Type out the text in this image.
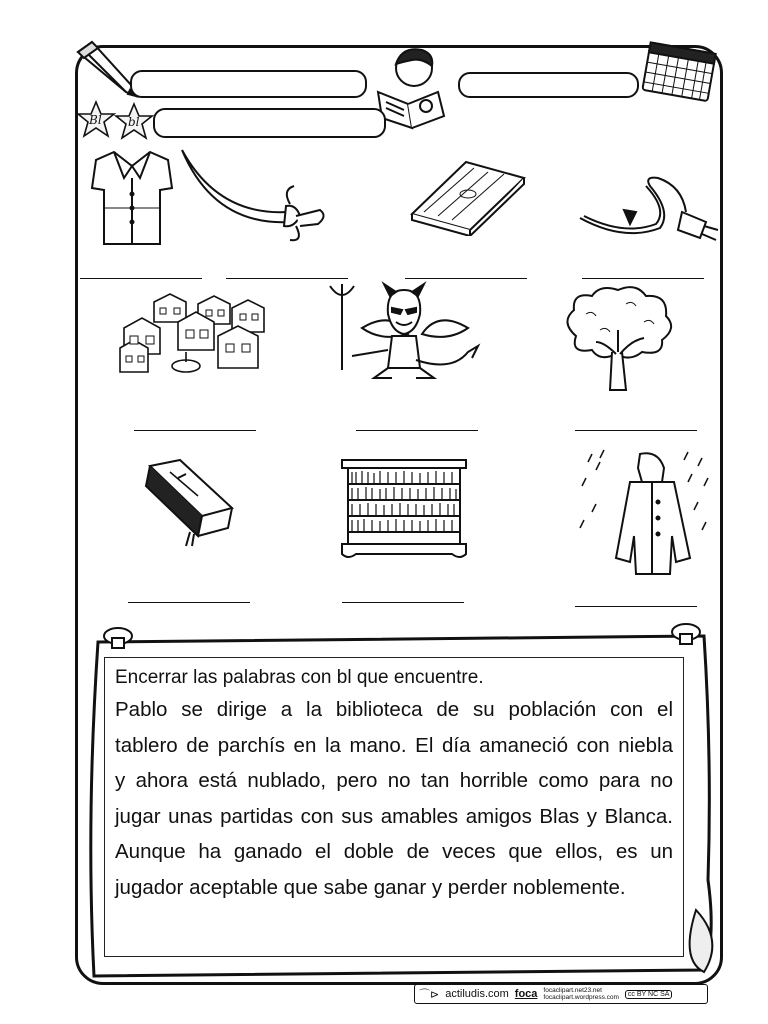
Bl bl

Encerrar las palabras con bl que encuentre.

Pablo se dirige a la biblioteca de su población con el
tablero de parchís en la mano. El día amaneció con niebla
y ahora está nublado, pero no tan horrible como para no
jugar unas partidas con sus amables amigos Blas y Blanca.
Aunque ha ganado el doble de veces que ellos, es un
jugador aceptable que sabe ganar y perder noblemente.

⌒⊳ actiludis.com foca focaclipart.net23.net
focaclipart.wordpress.com	cc BY NC SA
